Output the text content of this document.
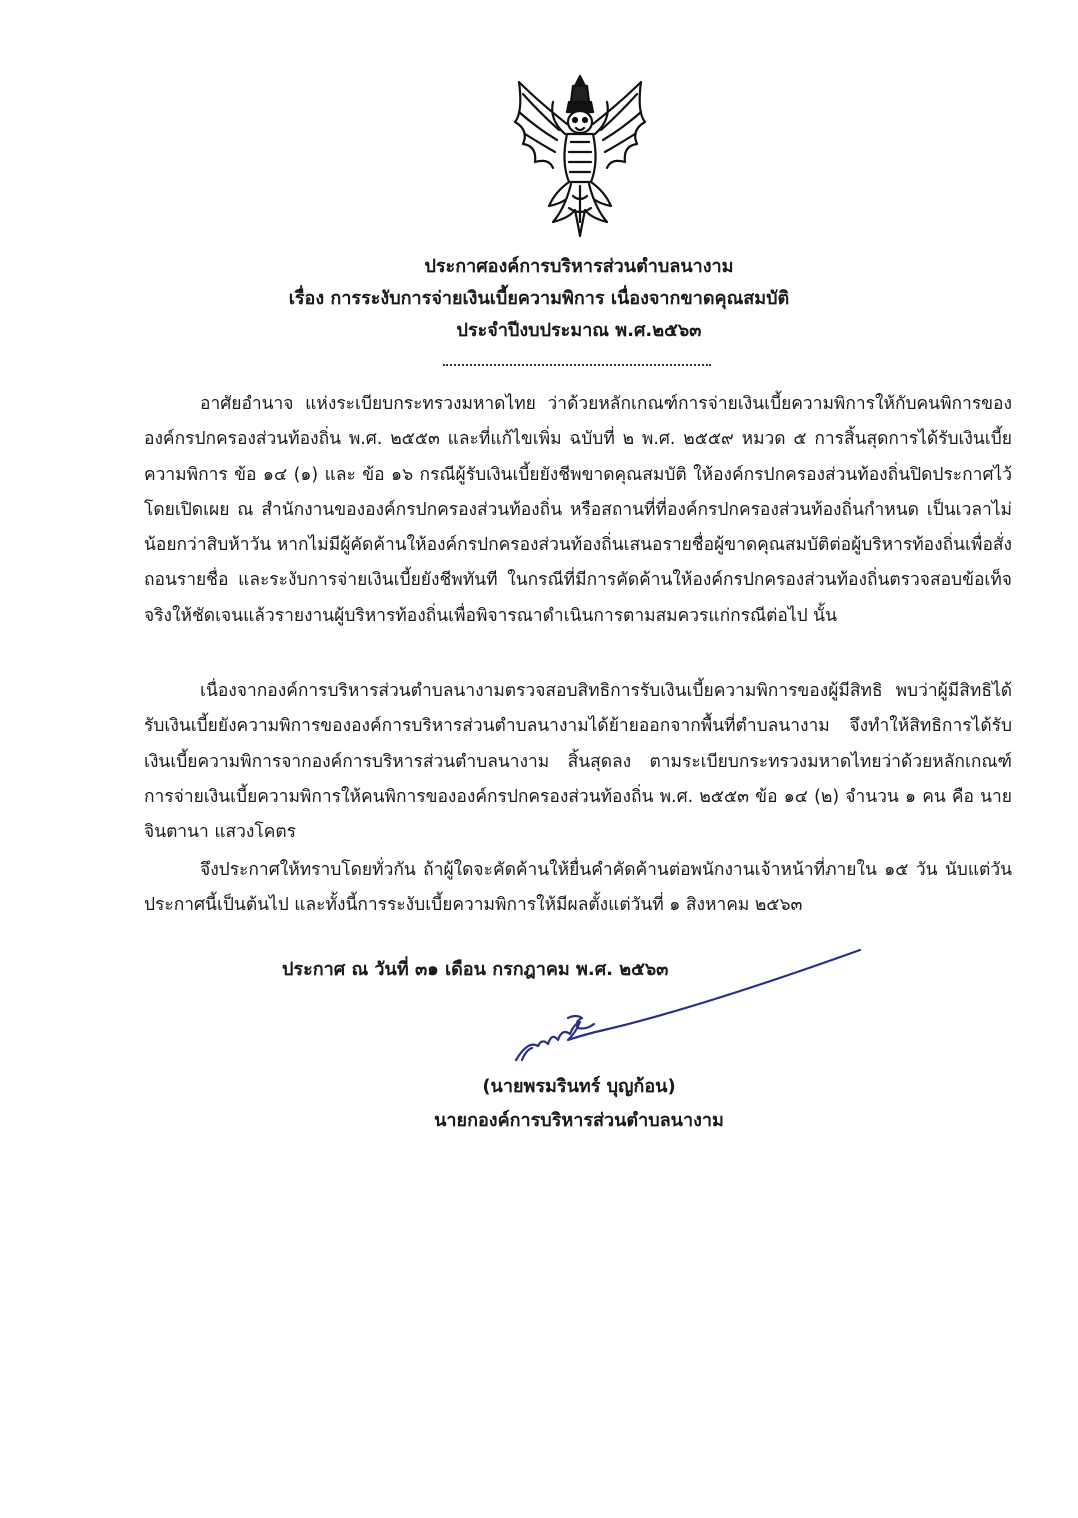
ประกาศองค์การบริหารส่วนตำบลนางาม
เรื่อง การระงับการจ่ายเงินเบี้ยความพิการ เนื่องจากขาดคุณสมบัติ
ประจำปีงบประมาณ พ.ศ.๒๕๖๓

อาศัยอำนาจ แห่งระเบียบกระทรวงมหาดไทย ว่าด้วยหลักเกณฑ์การจ่ายเงินเบี้ยความพิการให้กับคนพิการขององค์กรปกครองส่วนท้องถิ่น พ.ศ. ๒๕๕๓ และที่แก้ไขเพิ่ม ฉบับที่ ๒ พ.ศ. ๒๕๕๙ หมวด ๕ การสิ้นสุดการได้รับเงินเบี้ยความพิการ ข้อ ๑๔ (๑) และ ข้อ ๑๖ กรณีผู้รับเงินเบี้ยยังชีพขาดคุณสมบัติ ให้องค์กรปกครองส่วนท้องถิ่นปิดประกาศไว้โดยเปิดเผย ณ สำนักงานขององค์กรปกครองส่วนท้องถิ่น หรือสถานที่ที่องค์กรปกครองส่วนท้องถิ่นกำหนด เป็นเวลาไม่น้อยกว่าสิบห้าวัน หากไม่มีผู้คัดค้านให้องค์กรปกครองส่วนท้องถิ่นเสนอรายชื่อผู้ขาดคุณสมบัติต่อผู้บริหารท้องถิ่นเพื่อสั่งถอนรายชื่อ และระงับการจ่ายเงินเบี้ยยังชีพทันที ในกรณีที่มีการคัดค้านให้องค์กรปกครองส่วนท้องถิ่นตรวจสอบข้อเท็จจริงให้ชัดเจนแล้วรายงานผู้บริหารท้องถิ่นเพื่อพิจารณาดำเนินการตามสมควรแก่กรณีต่อไป นั้น

เนื่องจากองค์การบริหารส่วนตำบลนางามตรวจสอบสิทธิการรับเงินเบี้ยความพิการของผู้มีสิทธิ พบว่าผู้มีสิทธิได้รับเงินเบี้ยยังความพิการขององค์การบริหารส่วนตำบลนางามได้ย้ายออกจากพื้นที่ตำบลนางาม จึงทำให้สิทธิการได้รับเงินเบี้ยความพิการจากองค์การบริหารส่วนตำบลนางาม สิ้นสุดลง ตามระเบียบกระทรวงมหาดไทยว่าด้วยหลักเกณฑ์การจ่ายเงินเบี้ยความพิการให้คนพิการขององค์กรปกครองส่วนท้องถิ่น พ.ศ. ๒๕๕๓ ข้อ ๑๔ (๒) จำนวน ๑ คน คือ นายจินตานา แสวงโคตร

จึงประกาศให้ทราบโดยทั่วกัน ถ้าผู้ใดจะคัดค้านให้ยื่นคำคัดค้านต่อพนักงานเจ้าหน้าที่ภายใน ๑๕ วัน นับแต่วันประกาศนี้เป็นต้นไป และทั้งนี้การระงับเบี้ยความพิการให้มีผลตั้งแต่วันที่ ๑ สิงหาคม ๒๕๖๓

ประกาศ ณ วันที่ ๓๑ เดือน กรกฎาคม พ.ศ. ๒๕๖๓
(นายพรมรินทร์ บุญก้อน)
นายกองค์การบริหารส่วนตำบลนางาม
